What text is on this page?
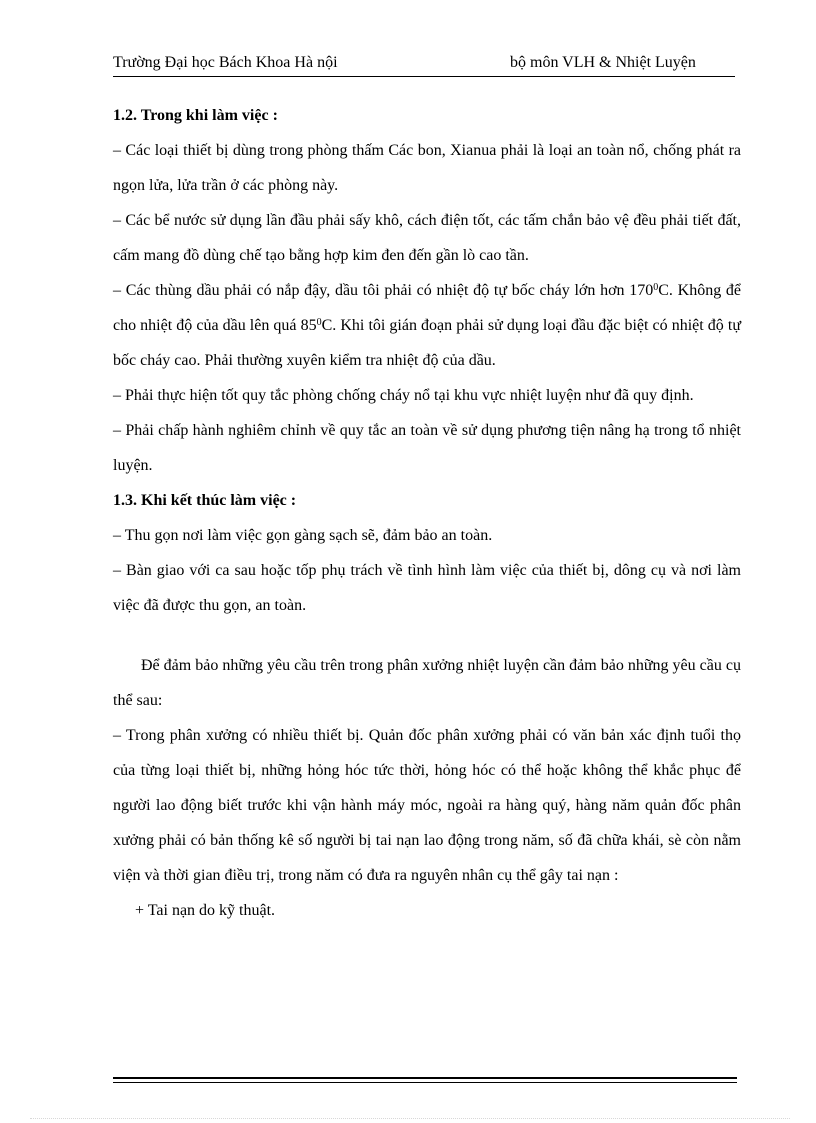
Trường Đại học Bách Khoa Hà nội	bộ môn VLH & Nhiệt Luyện

1.2. Trong khi làm việc :

– Các loại thiết bị dùng trong phòng thấm Các bon, Xianua phải là loại an toàn nổ, chống phát ra ngọn lửa, lửa trần ở các phòng này.

– Các bể nước sử dụng lần đầu phải sấy khô, cách điện tốt, các tấm chắn bảo vệ đều phải tiết đất, cấm mang đồ dùng chế tạo bằng hợp kim đen đến gần lò cao tần.

– Các thùng dầu phải có nắp đậy, dầu tôi phải có nhiệt độ tự bốc cháy lớn hơn $170^0C$. Không để cho nhiệt độ của dầu lên quá $85^0C$. Khi tôi gián đoạn phải sử dụng loại đầu đặc biệt có nhiệt độ tự bốc cháy cao. Phải thường xuyên kiểm tra nhiệt độ của dầu.

– Phải thực hiện tốt quy tắc phòng chống cháy nổ tại khu vực nhiệt luyện như đã quy định.

– Phải chấp hành nghiêm chỉnh về quy tắc an toàn về sử dụng phương tiện nâng hạ trong tổ nhiệt luyện.

1.3. Khi kết thúc làm việc :

– Thu gọn nơi làm việc gọn gàng sạch sẽ, đảm bảo an toàn.

– Bàn giao với ca sau hoặc tốp phụ trách về tình hình làm việc của thiết bị, dông cụ và nơi làm việc đã được thu gọn, an toàn.

Để đảm bảo những yêu cầu trên trong phân xưởng nhiệt luyện cần đảm bảo những yêu cầu cụ thể sau:

– Trong phân xưởng có nhiều thiết bị. Quản đốc phân xưởng phải có văn bản xác định tuổi thọ của từng loại thiết bị, những hỏng hóc tức thời, hỏng hóc có thể hoặc không thể khắc phục để người lao động biết trước khi vận hành máy móc, ngoài ra hàng quý, hàng năm quản đốc phân xưởng phải có bản thống kê số người bị tai nạn lao động trong năm, số đã chữa khái, sè còn nằm viện và thời gian điều trị, trong năm có đưa ra nguyên nhân cụ thể gây tai nạn :

+ Tai nạn do kỹ thuật.
